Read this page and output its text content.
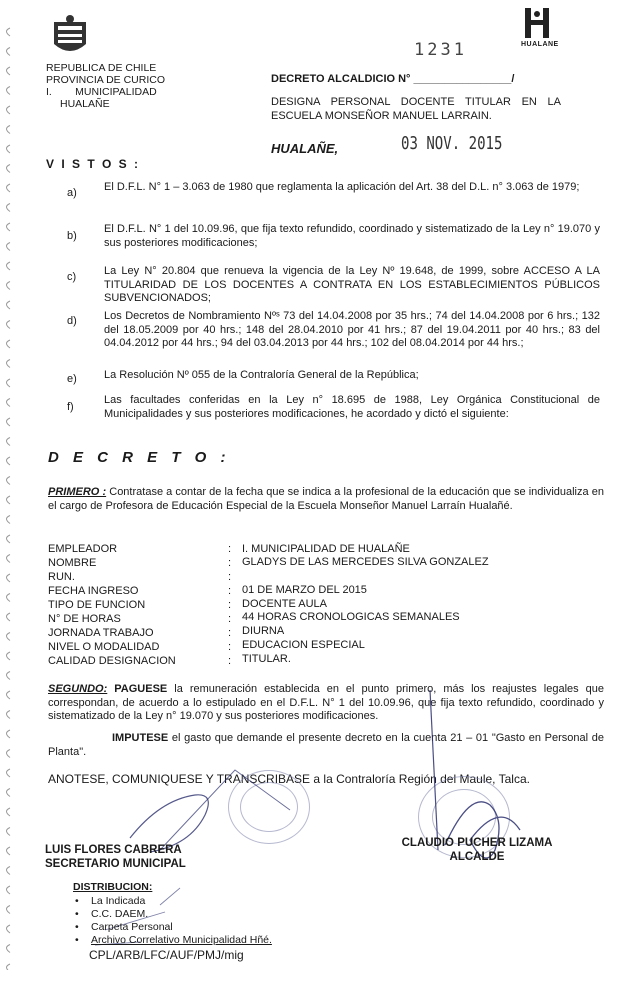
REPUBLICA DE CHILE
PROVINCIA DE CURICO
I.        MUNICIPALIDAD
HUALAÑE
HUALANE
1231
DECRETO ALCALDICIO N° ________________/
DESIGNA PERSONAL DOCENTE TITULAR EN LA ESCUELA MONSEÑOR MANUEL LARRAIN.
HUALAÑE,	03 NOV. 2015
V I S T O S :
a) El D.F.L. N° 1 – 3.063 de 1980 que reglamenta la aplicación del Art. 38 del D.L. n° 3.063 de 1979;
b)
El D.F.L. N° 1 del 10.09.96, que fija texto refundido, coordinado y sistematizado de la Ley n° 19.070 y sus posteriores modificaciones;
c)	La Ley N° 20.804 que renueva la vigencia de la Ley Nº 19.648, de 1999, sobre ACCESO A LA TITULARIDAD DE LOS DOCENTES A CONTRATA EN LOS ESTABLECIMIENTOS PÚBLICOS SUBVENCIONADOS;
d) Los Decretos de Nombramiento Nºˢ 73 del 14.04.2008 por 35 hrs.; 74 del 14.04.2008 por 6 hrs.; 132 del 18.05.2009 por 40 hrs.; 148 del 28.04.2010 por 41 hrs.; 87 del 19.04.2011 por 40 hrs.; 83 del 04.04.2012 por 44 hrs.; 94 del 03.04.2013 por 44 hrs.; 102 del 08.04.2014 por 44 hrs.;
e) La Resolución Nº 055 de la Contraloría General de la República;
f)
Las facultades conferidas en la Ley n° 18.695 de 1988, Ley Orgánica Constitucional de Municipalidades y sus posteriores modificaciones, he acordado y dictó el siguiente:
D E C R E T O :
PRIMERO : Contratase a contar de la fecha que se indica a la profesional de la educación que se individualiza en el cargo de Profesora de Educación Especial de la Escuela Monseñor Manuel Larraín Hualañé.
EMPLEADOR	: I. MUNICIPALIDAD DE HUALAÑE
NOMBRE	: GLADYS DE LAS MERCEDES SILVA GONZALEZ
RUN.	:
FECHA INGRESO	: 01 DE MARZO DEL 2015
TIPO DE FUNCION	: DOCENTE AULA
N° DE HORAS	: 44 HORAS CRONOLOGICAS SEMANALES
JORNADA TRABAJO	: DIURNA
NIVEL O MODALIDAD	: EDUCACION ESPECIAL
CALIDAD DESIGNACION	: TITULAR.
SEGUNDO: PAGUESE la remuneración establecida en el punto primero, más los reajustes legales que correspondan, de acuerdo a lo estipulado en el D.F.L. N° 1 del 10.09.96, que fija texto refundido, coordinado y sistematizado de la Ley n° 19.070 y sus posteriores modificaciones.
IMPUTESE el gasto que demande el presente decreto en la cuenta 21 – 01 "Gasto en Personal de Planta".
ANOTESE, COMUNIQUESE Y TRANSCRIBASE a la Contraloría Región del Maule, Talca.
LUIS FLORES CABRERA
SECRETARIO MUNICIPAL
CLAUDIO PUCHER LIZAMA
ALCALDE
DISTRIBUCION:
• La Indicada
• C.C. DAEM.
• Carpeta Personal
• Archivo Correlativo Municipalidad Hñé.
CPL/ARB/LFC/AUF/PMJ/mig
